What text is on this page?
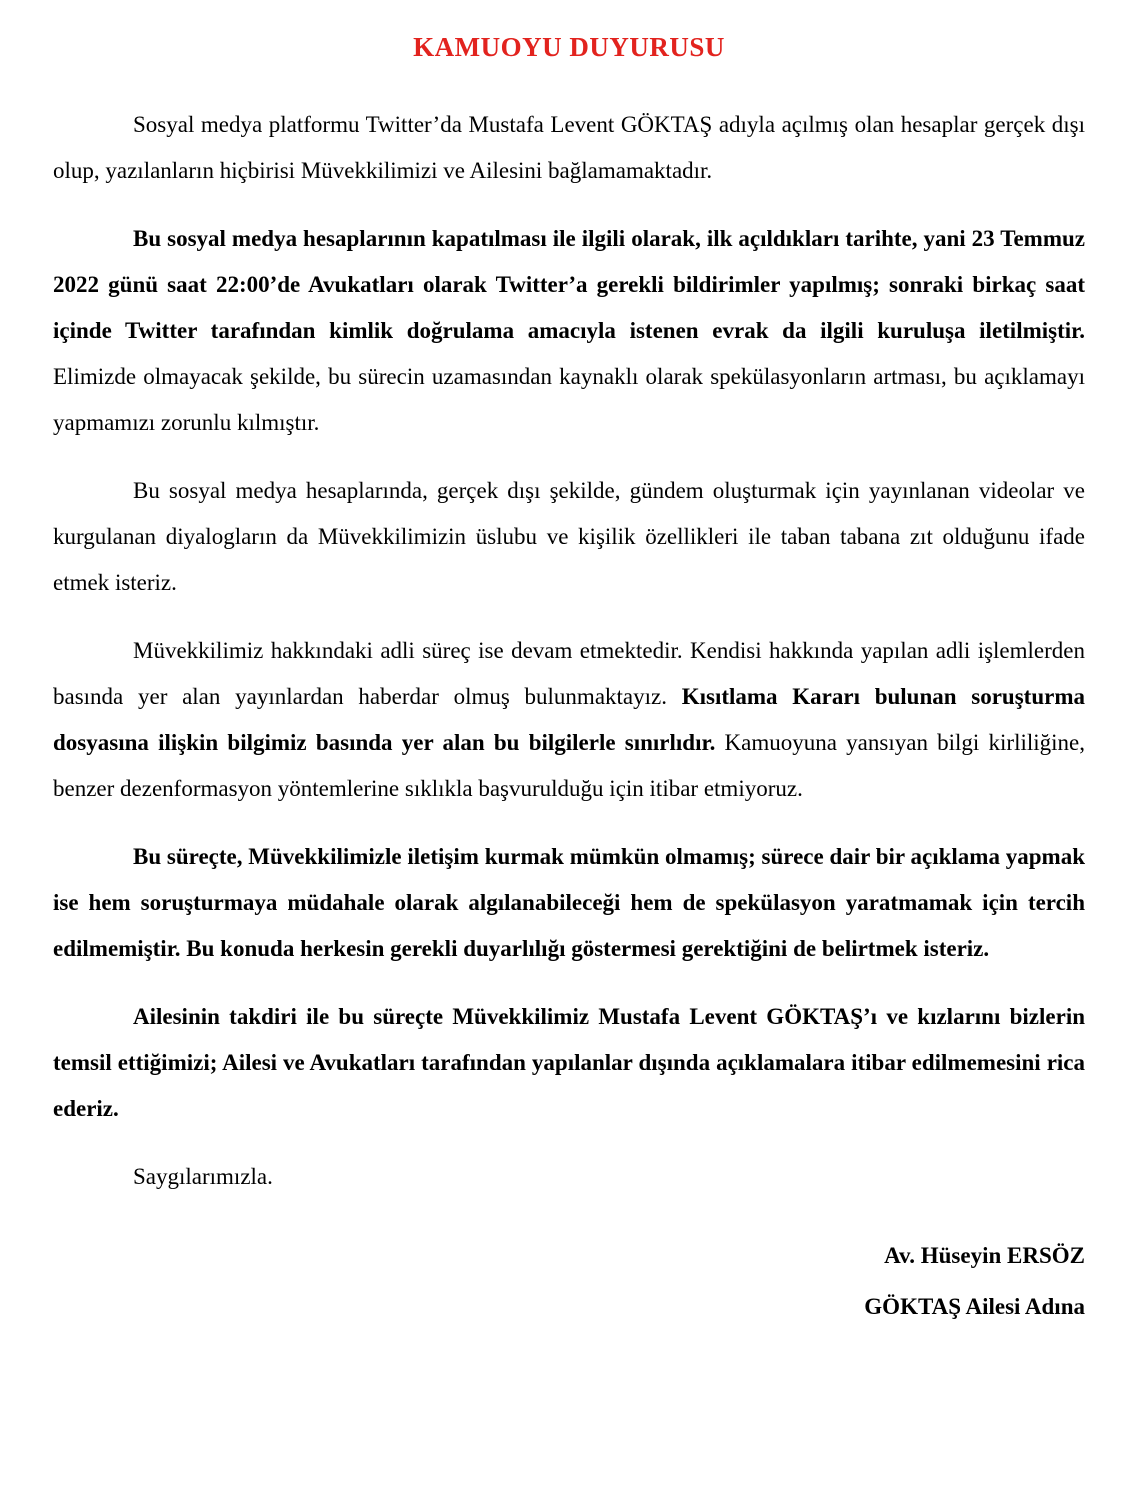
KAMUOYU DUYURUSU

Sosyal medya platformu Twitter’da Mustafa Levent GÖKTAŞ adıyla açılmış olan hesaplar gerçek dışı olup, yazılanların hiçbirisi Müvekkilimizi ve Ailesini bağlamamaktadır.

Bu sosyal medya hesaplarının kapatılması ile ilgili olarak, ilk açıldıkları tarihte, yani 23 Temmuz 2022 günü saat 22:00’de Avukatları olarak Twitter’a gerekli bildirimler yapılmış; sonraki birkaç saat içinde Twitter tarafından kimlik doğrulama amacıyla istenen evrak da ilgili kuruluşa iletilmiştir. Elimizde olmayacak şekilde, bu sürecin uzamasından kaynaklı olarak spekülasyonların artması, bu açıklamayı yapmamızı zorunlu kılmıştır.

Bu sosyal medya hesaplarında, gerçek dışı şekilde, gündem oluşturmak için yayınlanan videolar ve kurgulanan diyalogların da Müvekkilimizin üslubu ve kişilik özellikleri ile taban tabana zıt olduğunu ifade etmek isteriz.

Müvekkilimiz hakkındaki adli süreç ise devam etmektedir. Kendisi hakkında yapılan adli işlemlerden basında yer alan yayınlardan haberdar olmuş bulunmaktayız. Kısıtlama Kararı bulunan soruşturma dosyasına ilişkin bilgimiz basında yer alan bu bilgilerle sınırlıdır. Kamuoyuna yansıyan bilgi kirliliğine, benzer dezenformasyon yöntemlerine sıklıkla başvurulduğu için itibar etmiyoruz.

Bu süreçte, Müvekkilimizle iletişim kurmak mümkün olmamış; sürece dair bir açıklama yapmak ise hem soruşturmaya müdahale olarak algılanabileceği hem de spekülasyon yaratmamak için tercih edilmemiştir. Bu konuda herkesin gerekli duyarlılığı göstermesi gerektiğini de belirtmek isteriz.

Ailesinin takdiri ile bu süreçte Müvekkilimiz Mustafa Levent GÖKTAŞ’ı ve kızlarını bizlerin temsil ettiğimizi; Ailesi ve Avukatları tarafından yapılanlar dışında açıklamalara itibar edilmemesini rica ederiz.

Saygılarımızla.

Av. Hüseyin ERSÖZ
GÖKTAŞ Ailesi Adına
